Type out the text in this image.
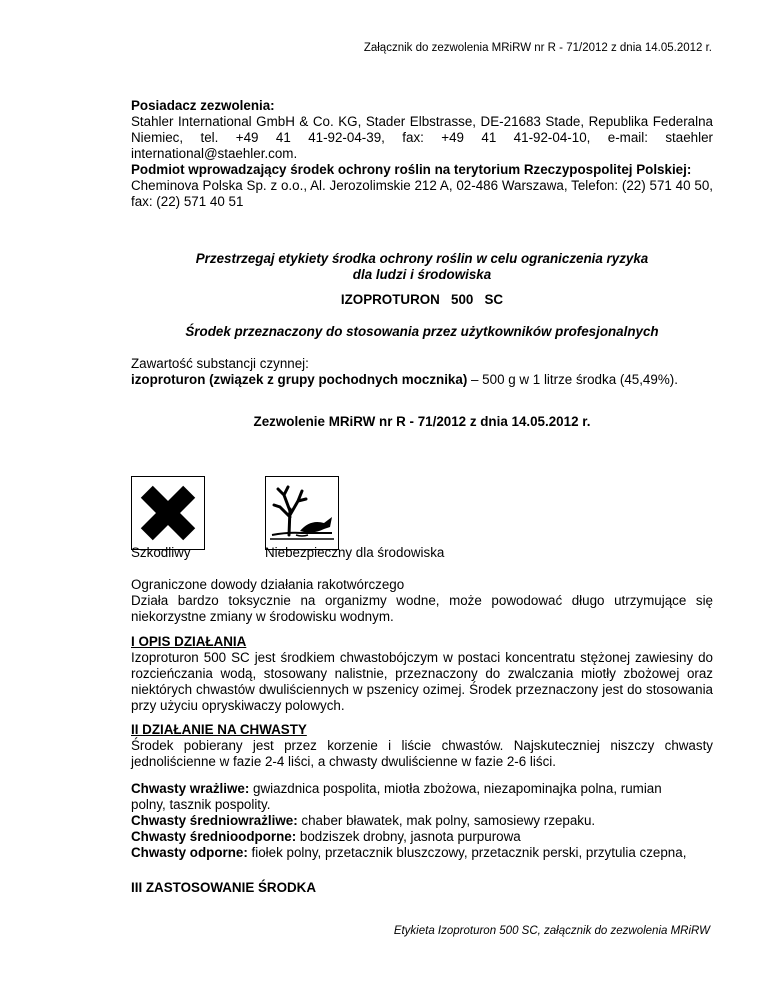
Załącznik do zezwolenia MRiRW nr R - 71/2012 z dnia 14.05.2012 r.

Posiadacz zezwolenia:

Stahler International GmbH & Co. KG, Stader Elbstrasse, DE-21683 Stade, Republika Federalna Niemiec, tel. +49 41 41-92-04-39, fax: +49 41 41-92-04-10, e-mail: staehler international@staehler.com.

Podmiot wprowadzający środek ochrony roślin na terytorium Rzeczypospolitej Polskiej:

Cheminova Polska Sp. z o.o., Al. Jerozolimskie 212 A, 02-486 Warszawa, Telefon: (22) 571 40 50, fax: (22) 571 40 51

Przestrzegaj etykiety środka ochrony roślin w celu ograniczenia ryzyka

dla ludzi i środowiska

IZOPROTURON   500   SC
Środek przeznaczony do stosowania przez użytkowników profesjonalnych

Zawartość substancji czynnej:

izoproturon (związek z grupy pochodnych mocznika) – 500 g w 1 litrze środka (45,49%).

Zezwolenie MRiRW nr R - 71/2012 z dnia 14.05.2012 r.
Szkodliwy	Niebezpieczny dla środowiska

Ograniczone dowody działania rakotwórczego

Działa bardzo toksycznie na organizmy wodne, może powodować długo utrzymujące się niekorzystne zmiany w środowisku wodnym.

I OPIS DZIAŁANIA

Izoproturon 500 SC jest środkiem chwastobójczym w postaci koncentratu stężonej zawiesiny do rozcieńczania wodą, stosowany nalistnie, przeznaczony do zwalczania miotły zbożowej oraz niektórych chwastów dwuliściennych w pszenicy ozimej. Środek przeznaczony jest do stosowania przy użyciu opryskiwaczy polowych.

II DZIAŁANIE NA CHWASTY

Środek pobierany jest przez korzenie i liście chwastów. Najskuteczniej niszczy chwasty jednoliścienne w fazie 2-4 liści, a chwasty dwuliścienne w fazie 2-6 liści.

Chwasty wrażliwe: gwiazdnica pospolita, miotła zbożowa, niezapominajka polna, rumian polny, tasznik pospolity.

Chwasty średniowrażliwe: chaber bławatek, mak polny, samosiewy rzepaku.

Chwasty średnioodporne: bodziszek drobny, jasnota purpurowa

Chwasty odporne: fiołek polny, przetacznik bluszczowy, przetacznik perski, przytulia czepna,

III ZASTOSOWANIE ŚRODKA
Etykieta Izoproturon 500 SC, załącznik do zezwolenia MRiRW
